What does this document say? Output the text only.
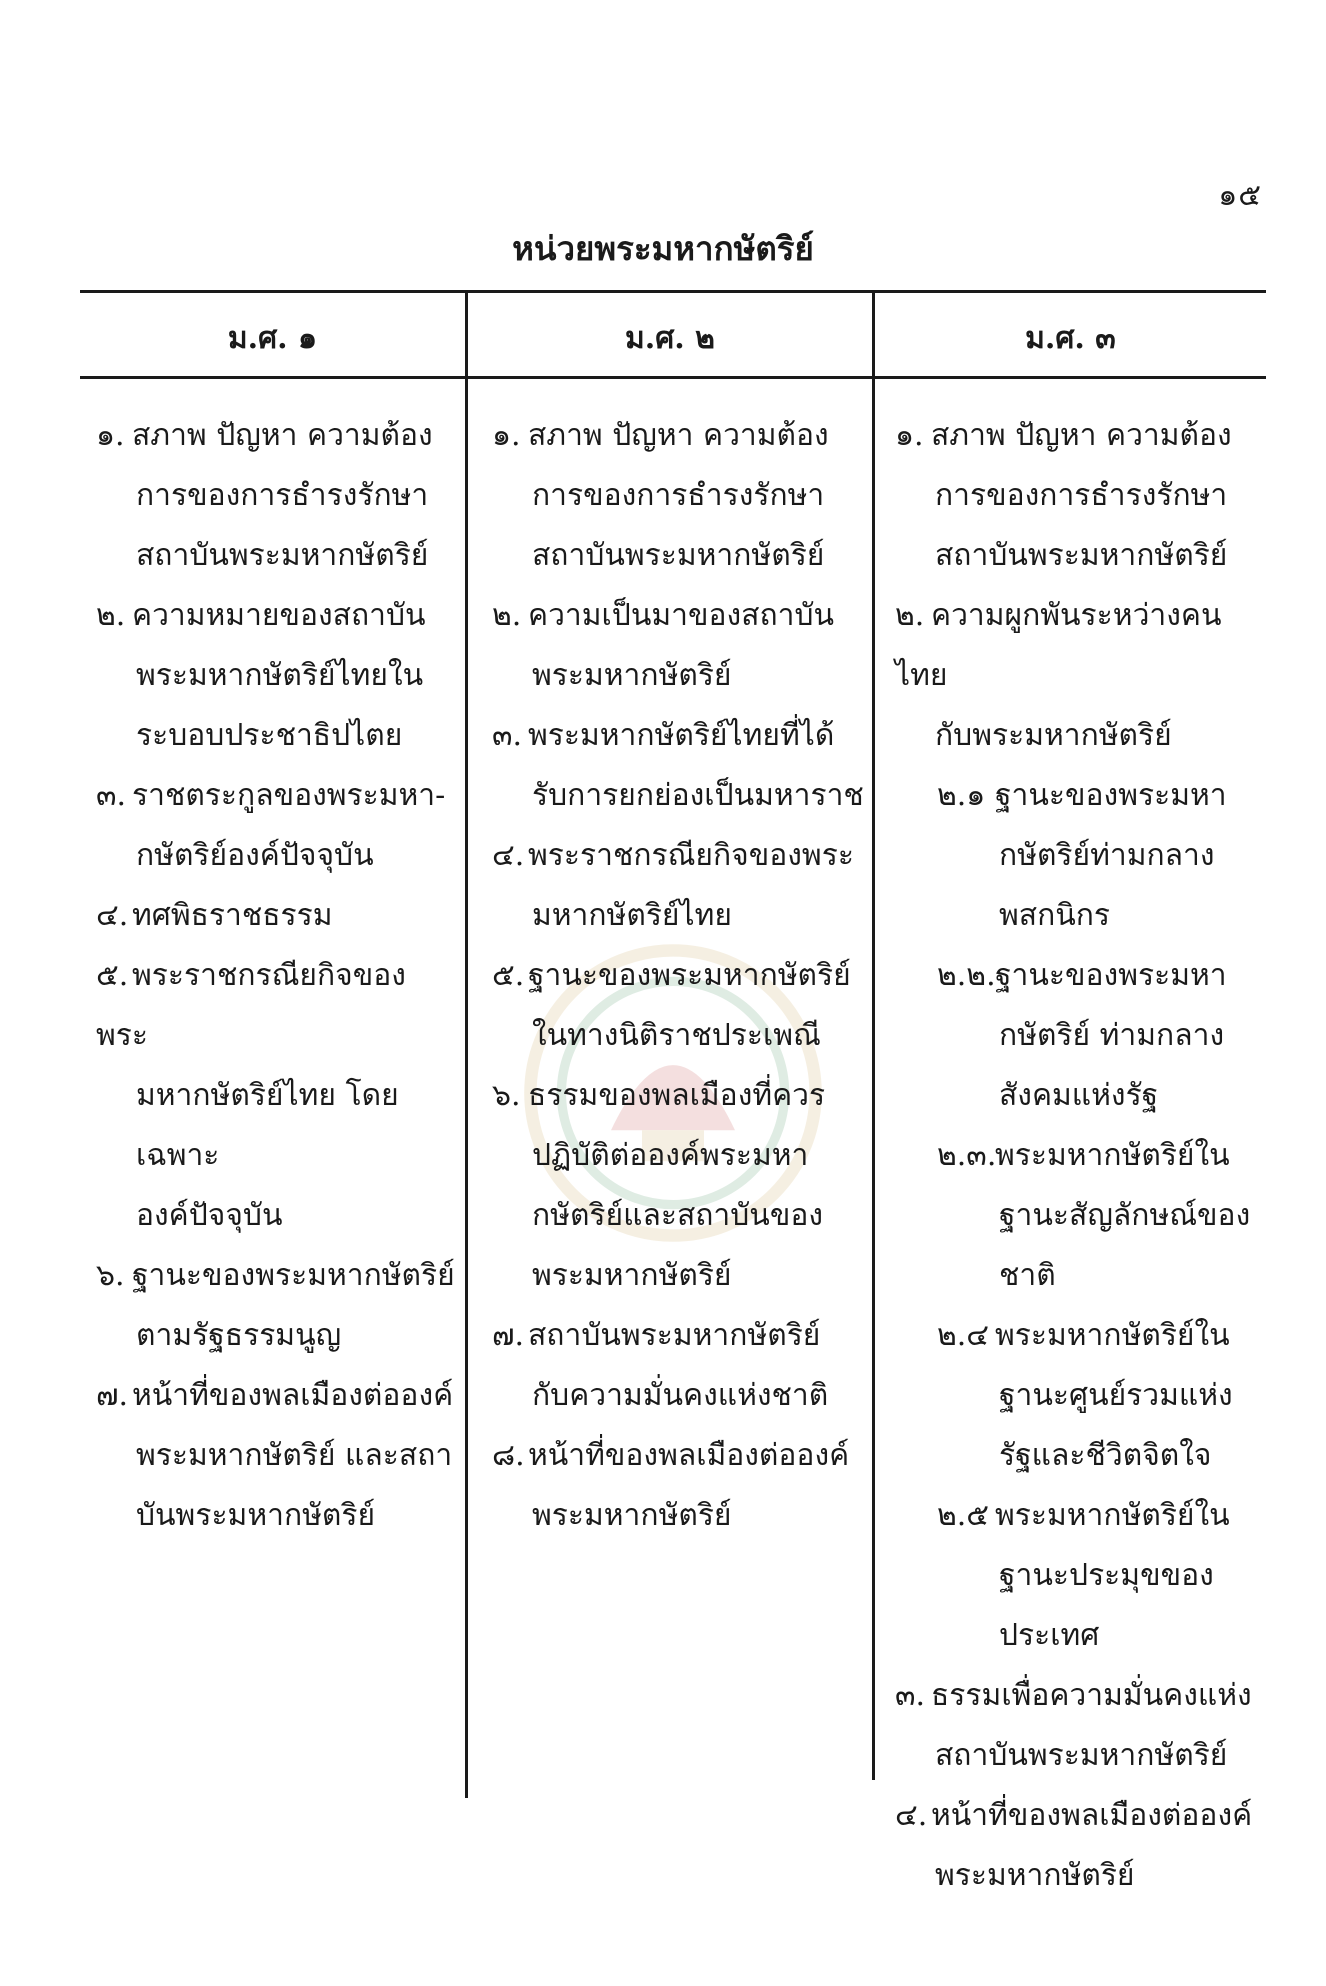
๑๕
หน่วยพระมหากษัตริย์
ม.ศ. ๑	ม.ศ. ๒	ม.ศ. ๓
๑. สภาพ ปัญหา ความต้อง
การของการธำรงรักษา
สถาบันพระมหากษัตริย์
๒. ความหมายของสถาบัน
พระมหากษัตริย์ไทยใน
ระบอบประชาธิปไตย
๓. ราชตระกูลของพระมหา-
กษัตริย์องค์ปัจจุบัน
๔. ทศพิธราชธรรม
๕. พระราชกรณียกิจของพระ
มหากษัตริย์ไทย โดยเฉพาะ
องค์ปัจจุบัน
๖. ฐานะของพระมหากษัตริย์
ตามรัฐธรรมนูญ
๗. หน้าที่ของพลเมืองต่อองค์
พระมหากษัตริย์ และสถา
บันพระมหากษัตริย์
๑. สภาพ ปัญหา ความต้อง
การของการธำรงรักษา
สถาบันพระมหากษัตริย์
๒. ความเป็นมาของสถาบัน
พระมหากษัตริย์
๓. พระมหากษัตริย์ไทยที่ได้
รับการยกย่องเป็นมหาราช
๔. พระราชกรณียกิจของพระ
มหากษัตริย์ไทย
๕. ฐานะของพระมหากษัตริย์
ในทางนิติราชประเพณี
๖. ธรรมของพลเมืองที่ควร
ปฏิบัติต่อองค์พระมหา
กษัตริย์และสถาบันของ
พระมหากษัตริย์
๗. สถาบันพระมหากษัตริย์
กับความมั่นคงแห่งชาติ
๘. หน้าที่ของพลเมืองต่อองค์
พระมหากษัตริย์
๑. สภาพ ปัญหา ความต้อง
การของการธำรงรักษา
สถาบันพระมหากษัตริย์
๒. ความผูกพันระหว่างคนไทย
กับพระมหากษัตริย์
๒.๑ ฐานะของพระมหา
กษัตริย์ท่ามกลาง
พสกนิกร
๒.๒.ฐานะของพระมหา
กษัตริย์ ท่ามกลาง
สังคมแห่งรัฐ
๒.๓.พระมหากษัตริย์ใน
ฐานะสัญลักษณ์ของ
ชาติ
๒.๔ พระมหากษัตริย์ใน
ฐานะศูนย์รวมแห่ง
รัฐและชีวิตจิตใจ
๒.๕ พระมหากษัตริย์ใน
ฐานะประมุขของ
ประเทศ
๓. ธรรมเพื่อความมั่นคงแห่ง
สถาบันพระมหากษัตริย์
๔. หน้าที่ของพลเมืองต่อองค์
พระมหากษัตริย์
